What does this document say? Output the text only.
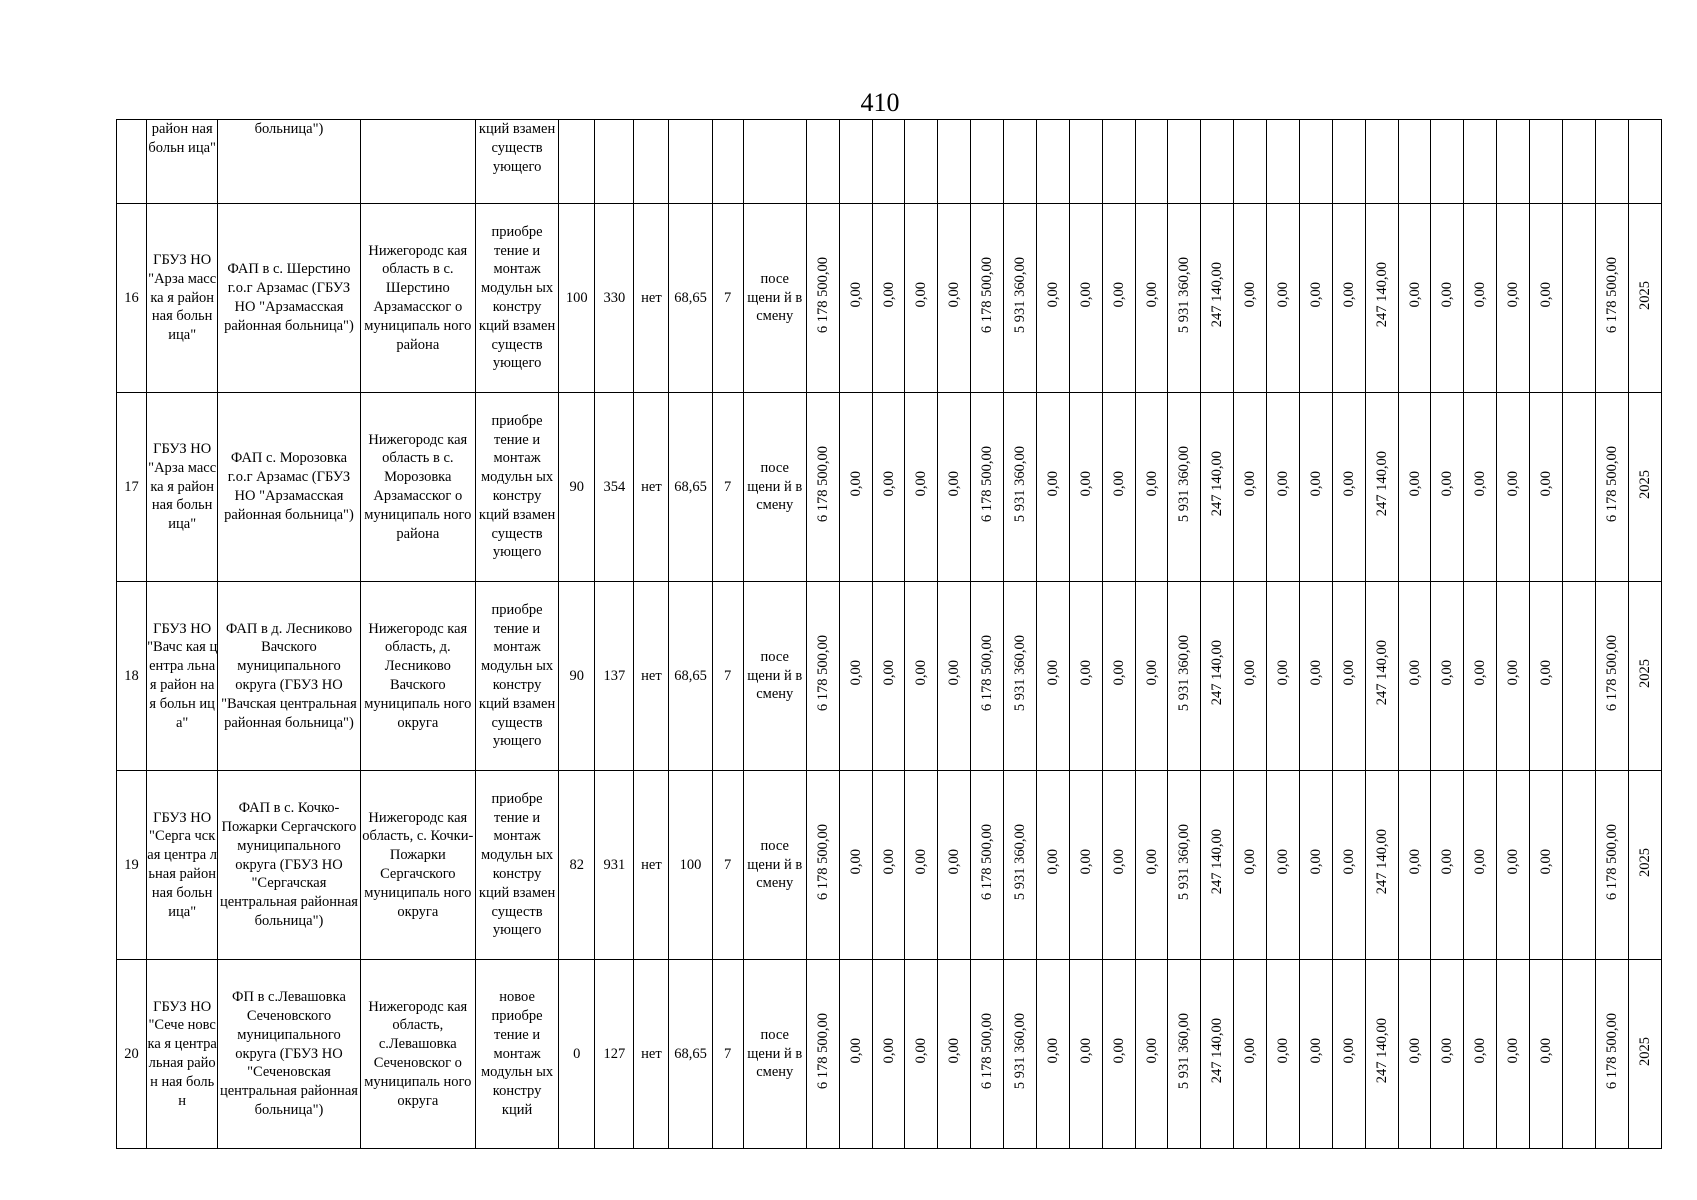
410
	район ная больн ица"	больница")		кций взамен существ ующего																																
16	ГБУЗ НО "Арза масска я район ная больн ица"	ФАП в с. Шерстино г.о.г Арзамас (ГБУЗ НО "Арзамасская районная больница")	Нижегородс кая область в с. Шерстино Арзамасског о муниципаль ного района	приобре тение и монтаж модульн ых констру кций взамен существ ующего	100	330	нет	68,65	7	посе щени й в смену	6 178 500,00	0,00	0,00	0,00	0,00	6 178 500,00	5 931 360,00	0,00	0,00	0,00	0,00	5 931 360,00	247 140,00	0,00	0,00	0,00	0,00	247 140,00	0,00	0,00	0,00	0,00	0,00		6 178 500,00	2025
17	ГБУЗ НО "Арза масска я район ная больн ица"	ФАП с. Морозовка г.о.г Арзамас (ГБУЗ НО "Арзамасская районная больница")	Нижегородс кая область в с. Морозовка Арзамасског о муниципаль ного района	приобре тение и монтаж модульн ых констру кций взамен существ ующего	90	354	нет	68,65	7	посе щени й в смену	6 178 500,00	0,00	0,00	0,00	0,00	6 178 500,00	5 931 360,00	0,00	0,00	0,00	0,00	5 931 360,00	247 140,00	0,00	0,00	0,00	0,00	247 140,00	0,00	0,00	0,00	0,00	0,00		6 178 500,00	2025
18	ГБУЗ НО "Вачс кая центра льная район ная больн ица"	ФАП в д. Лесниково Вачского муниципального округа (ГБУЗ НО "Вачская центральная районная больница")	Нижегородс кая область, д. Лесниково Вачского муниципаль ного округа	приобре тение и монтаж модульн ых констру кций взамен существ ующего	90	137	нет	68,65	7	посе щени й в смену	6 178 500,00	0,00	0,00	0,00	0,00	6 178 500,00	5 931 360,00	0,00	0,00	0,00	0,00	5 931 360,00	247 140,00	0,00	0,00	0,00	0,00	247 140,00	0,00	0,00	0,00	0,00	0,00		6 178 500,00	2025
19	ГБУЗ НО "Серга чская центра льная район ная больн ица"	ФАП в с. Кочко-Пожарки Сергачского муниципального округа (ГБУЗ НО "Сергачская центральная районная больница")	Нижегородс кая область, с. Кочки-Пожарки Сергачского муниципаль ного округа	приобре тение и монтаж модульн ых констру кций взамен существ ующего	82	931	нет	100	7	посе щени й в смену	6 178 500,00	0,00	0,00	0,00	0,00	6 178 500,00	5 931 360,00	0,00	0,00	0,00	0,00	5 931 360,00	247 140,00	0,00	0,00	0,00	0,00	247 140,00	0,00	0,00	0,00	0,00	0,00		6 178 500,00	2025
20	ГБУЗ НО "Сече новска я центра льная район ная больн	ФП в с.Левашовка Сеченовского муниципального округа (ГБУЗ НО "Сеченовская центральная районная больница")	Нижегородс кая область, с.Левашовка Сеченовског о муниципаль ного округа	новое приобре тение и монтаж модульн ых констру кций	0	127	нет	68,65	7	посе щени й в смену	6 178 500,00	0,00	0,00	0,00	0,00	6 178 500,00	5 931 360,00	0,00	0,00	0,00	0,00	5 931 360,00	247 140,00	0,00	0,00	0,00	0,00	247 140,00	0,00	0,00	0,00	0,00	0,00		6 178 500,00	2025
